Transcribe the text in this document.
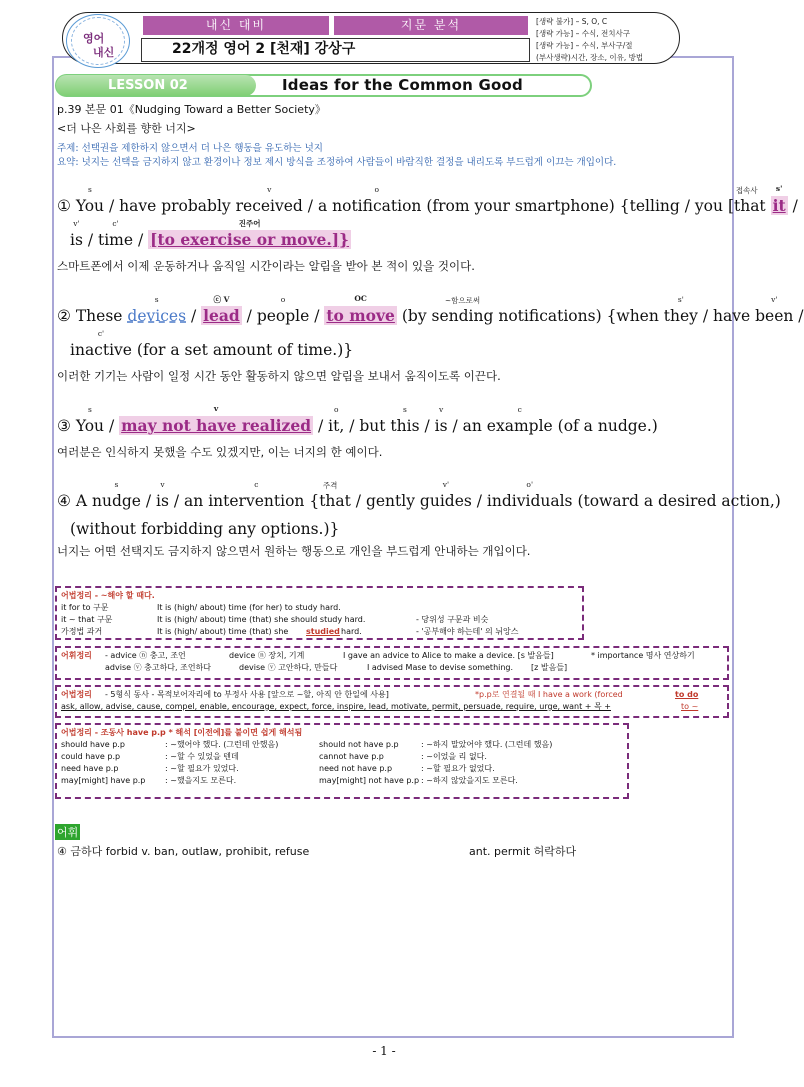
영어
내신
내신 대비	지문 분석
22개정 영어 2 [천재] 강상구
[생략 불가] – S, O, C
[생략 가능] – 수식, 전치사구
[생략 가능] – 수식, 부사구/절
(부사생략)시간, 장소, 이유, 방법
LESSON 02	Ideas for the Common Good
p.39 본문 01《Nudging Toward a Better Society》
<더 나은 사회를 향한 너지>
주제: 선택권을 제한하지 않으면서 더 나은 행동을 유도하는 넛지
요약: 넛지는 선택을 금지하지 않고 환경이나 정보 제시 방식을 조정하여 사람들이 바람직한 결정을 내리도록 부드럽게 이끄는 개입이다.
①
s
You / have probably
v
received / a
o
notification (from your smartphone) {telling / you
접속사
[that
s'
it /
v'
is /
c'
time /
진주어
[to exercise or move.]}
스마트폰에서 이제 운동하거나 움직일 시간이라는 알림을 받아 본 적이 있을 것이다.
② These
s
devices /
ⓒ V
lead /
o
people /
OC
to move (by
~함으로써
sending notifications) {when
s'
they / have
v'
been /
c'
inactive (for a set amount of time.)}
이러한 기기는 사람이 일정 시간 동안 활동하지 않으면 알림을 보내서 움직이도록 이끈다.
③
s
You /
v
may not have realized /
o
it, / but
s
this /
v
is / an
c
example (of a nudge.)
여러분은 인식하지 못했을 수도 있겠지만, 이는 너지의 한 예이다.
④ A
s
nudge /
v
is / an
c
intervention
주격
{that / gently
v'
guides /
o'
individuals (toward a desired action,)
(without forbidding any options.)}
너지는 어떤 선택지도 금지하지 않으면서 원하는 행동으로 개인을 부드럽게 안내하는 개입이다.
어법정리 - ~해야 할 때다.
it for to 구문	It is (high/ about) time (for her) to study hard.
it ~ that 구문	It is (high/ about) time (that) she should study hard.	- 당위성 구문과 비슷
가정법 과거	It is (high/ about) time (that) she studied hard.	- '공부해야 하는데' 의 뉘앙스
어휘정리 - advice ⓝ 충고, 조언	device ⓝ 장치, 기계	I gave an advice to Alice to make a device. [s 발음들]	* importance 명사 연상하기
advise ⓥ 충고하다, 조언하다	devise ⓥ 고안하다, 만들다	I advised Mase to devise something. [z 발음들]
어법정리 - 5형식 동사 - 목적보어자리에 to 부정사 사용 [앞으로 ~할, 아직 안 한일에 사용]	*p.p로 연결될 때 I have a work (forced	to do
ask, allow, advise, cause, compel, enable, encourage, expect, force, inspire, lead, motivate, permit, persuade, require, urge, want + 목 +	to ~
어법정리 - 조동사 have p.p * 해석 [이전에]를 붙이면 쉽게 해석됨
should have p.p	: ~했어야 했다. (그런데 안했음)	should not have p.p	: ~하지 말았어야 했다. (그런데 했음)
could have p.p	: ~할 수 있었을 텐데	cannot have p.p	: ~이었을 리 없다.
need have p.p	: ~할 필요가 있었다.	need not have p.p	: ~할 필요가 없었다.
may[might] have p.p : ~했을지도 모른다.	may[might] not have p.p : ~하지 않았을지도 모른다.
어휘
④ 금하다 forbid v. ban, outlaw, prohibit, refuse	ant. permit 허락하다
- 1 -
